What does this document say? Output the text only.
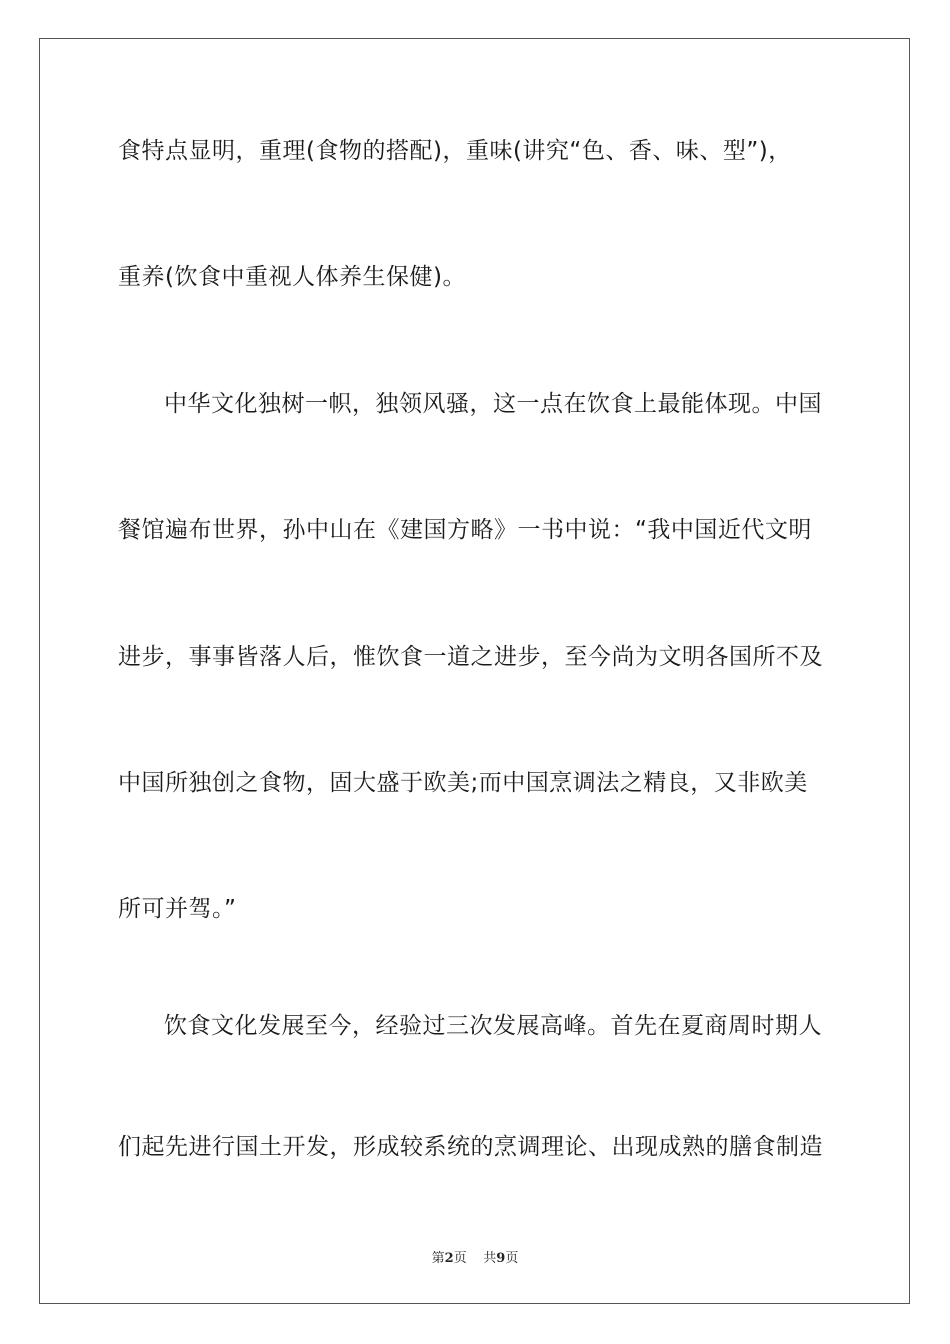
食特点显明，重理(食物的搭配)，重味(讲究“色、香、味、型”)，
重养(饮食中重视人体养生保健)。
中华文化独树一帜，独领风骚，这一点在饮食上最能体现。中国
餐馆遍布世界，孙中山在《建国方略》一书中说：“我中国近代文明
进步，事事皆落人后，惟饮食一道之进步，至今尚为文明各国所不及
中国所独创之食物，固大盛于欧美;而中国烹调法之精良，又非欧美
所可并驾。”
饮食文化发展至今，经验过三次发展高峰。首先在夏商周时期人
们起先进行国土开发，形成较系统的烹调理论、出现成熟的膳食制造
第2页 共9页
